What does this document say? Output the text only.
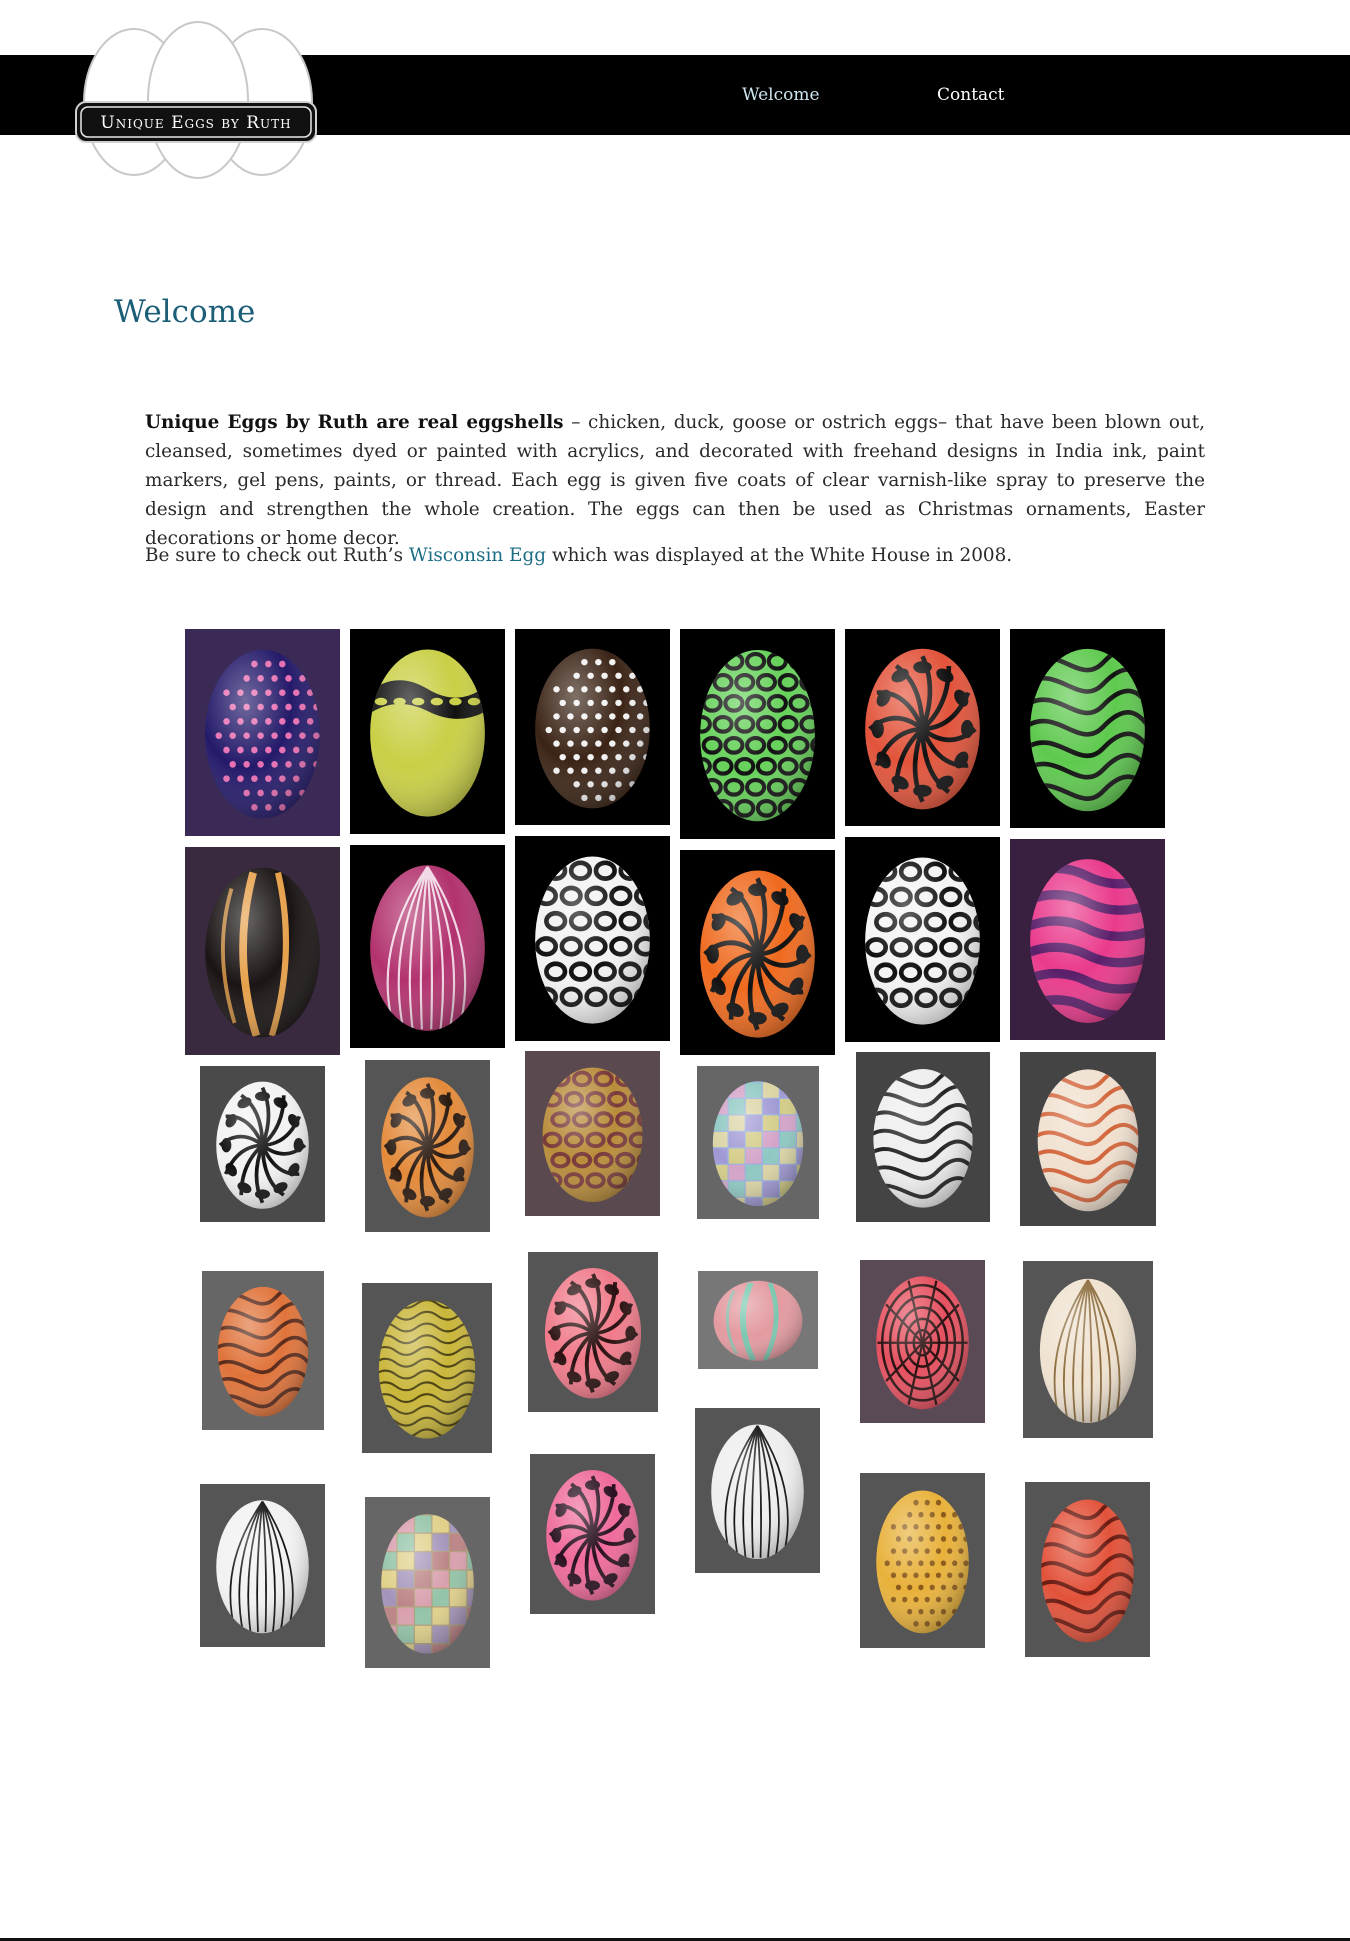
Unique Eggs by Ruth
Welcome	Contact
Welcome

Unique Eggs by Ruth are real eggshells – chicken, duck, goose or ostrich eggs– that have been blown out, cleansed, sometimes dyed or painted with acrylics, and decorated with freehand designs in India ink, paint markers, gel pens, paints, or thread. Each egg is given five coats of clear varnish-like spray to preserve the design and strengthen the whole creation. The eggs can then be used as Christmas ornaments, Easter decorations or home decor.

Be sure to check out Ruth’s Wisconsin Egg which was displayed at the White House in 2008.
